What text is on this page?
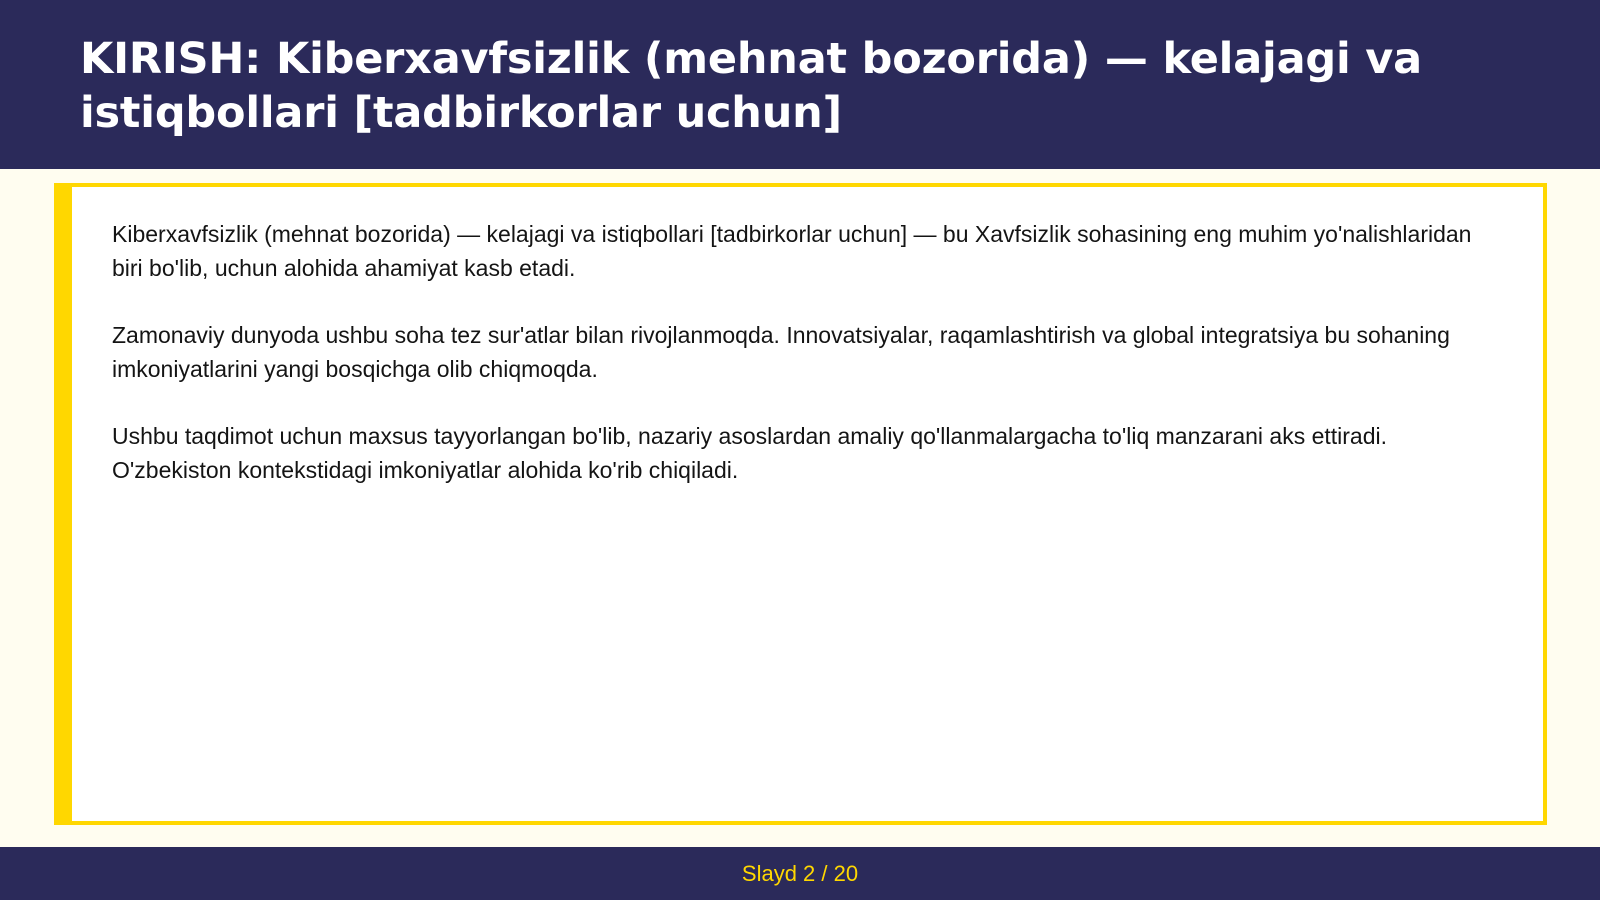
KIRISH: Kiberxavfsizlik (mehnat bozorida) — kelajagi va istiqbollari [tadbirkorlar uchun]

Kiberxavfsizlik (mehnat bozorida) — kelajagi va istiqbollari [tadbirkorlar uchun] — bu Xavfsizlik sohasining eng muhim yo'nalishlaridan biri bo'lib, uchun alohida ahamiyat kasb etadi.

Zamonaviy dunyoda ushbu soha tez sur'atlar bilan rivojlanmoqda. Innovatsiyalar, raqamlashtirish va global integratsiya bu sohaning imkoniyatlarini yangi bosqichga olib chiqmoqda.

Ushbu taqdimot uchun maxsus tayyorlangan bo'lib, nazariy asoslardan amaliy qo'llanmalargacha to'liq manzarani aks ettiradi. O'zbekiston kontekstidagi imkoniyatlar alohida ko'rib chiqiladi.

Slayd 2 / 20
